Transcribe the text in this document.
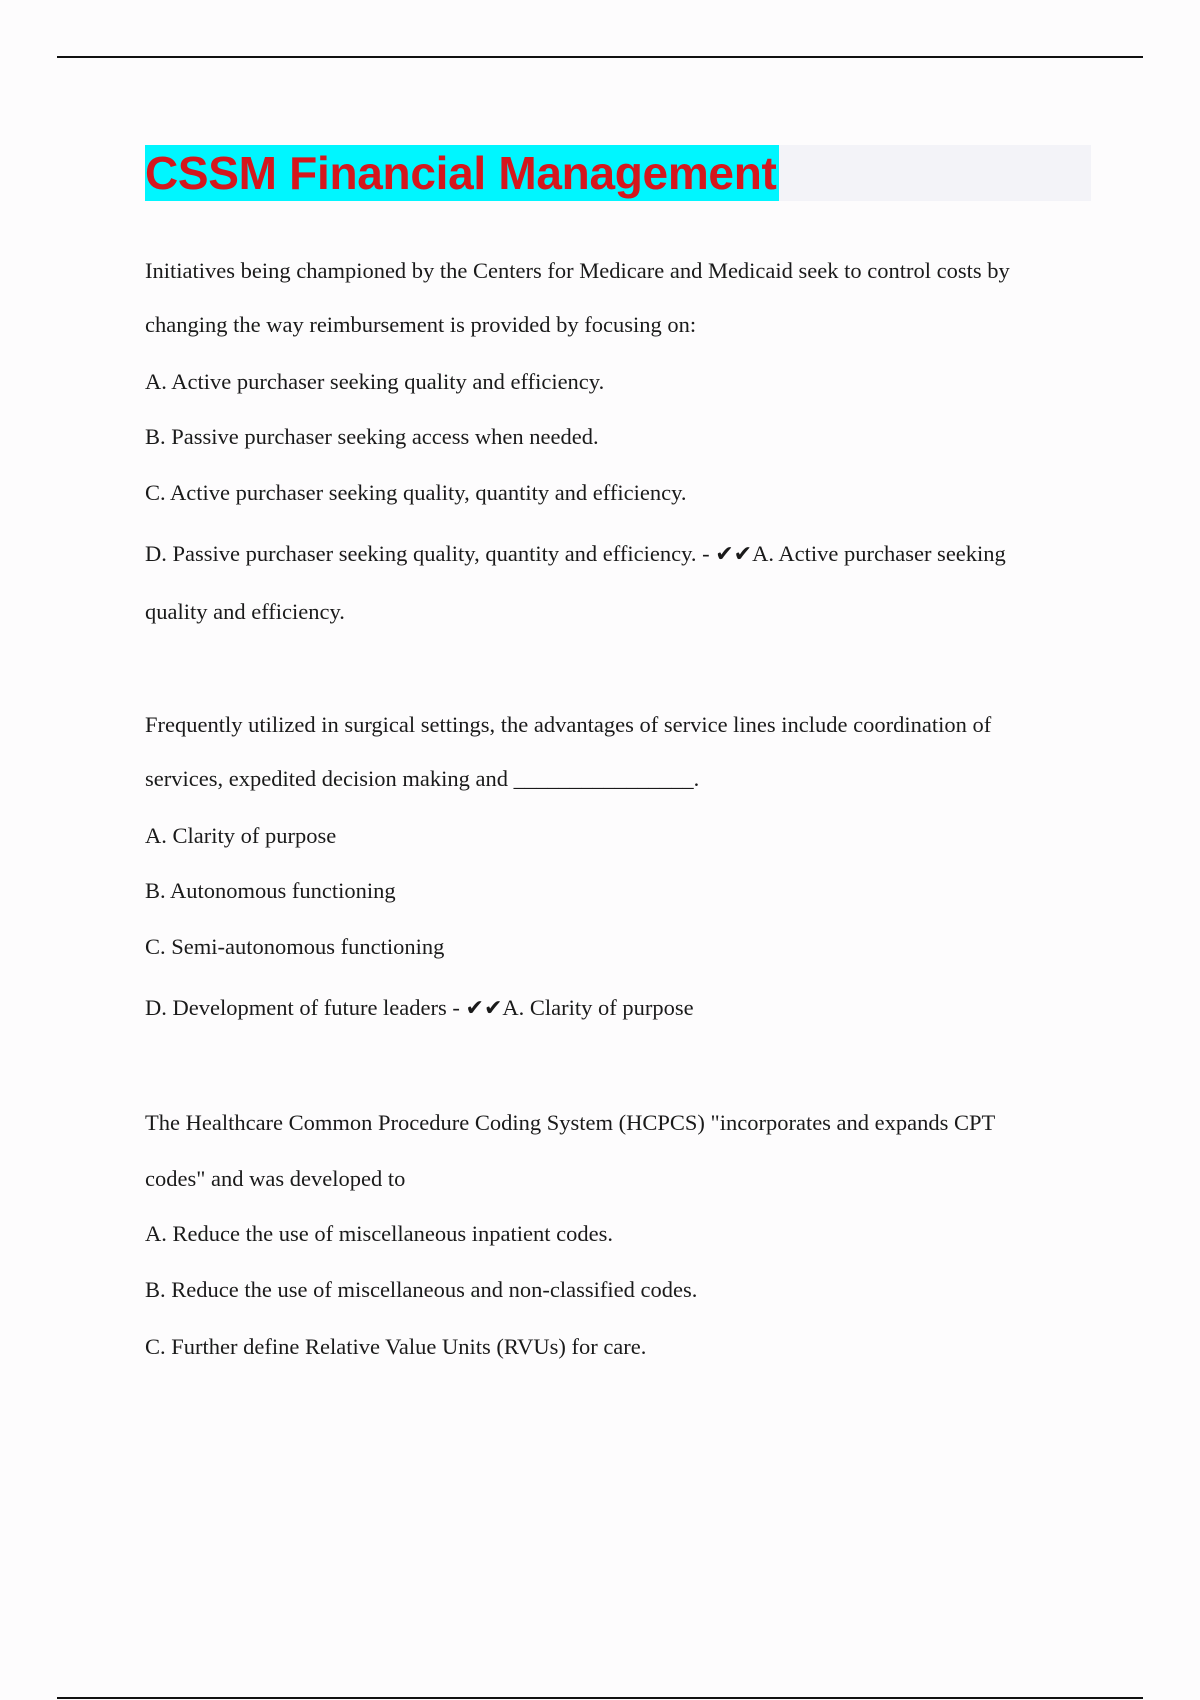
CSSM Financial Management
Initiatives being championed by the Centers for Medicare and Medicaid seek to control costs by
changing the way reimbursement is provided by focusing on:
A. Active purchaser seeking quality and efficiency.
B. Passive purchaser seeking access when needed.
C. Active purchaser seeking quality, quantity and efficiency.
D. Passive purchaser seeking quality, quantity and efficiency. - ✔✔A. Active purchaser seeking
quality and efficiency.
Frequently utilized in surgical settings, the advantages of service lines include coordination of
services, expedited decision making and ________________.
A. Clarity of purpose
B. Autonomous functioning
C. Semi-autonomous functioning
D. Development of future leaders - ✔✔A. Clarity of purpose
The Healthcare Common Procedure Coding System (HCPCS) "incorporates and expands CPT
codes" and was developed to
A. Reduce the use of miscellaneous inpatient codes.
B. Reduce the use of miscellaneous and non-classified codes.
C. Further define Relative Value Units (RVUs) for care.
